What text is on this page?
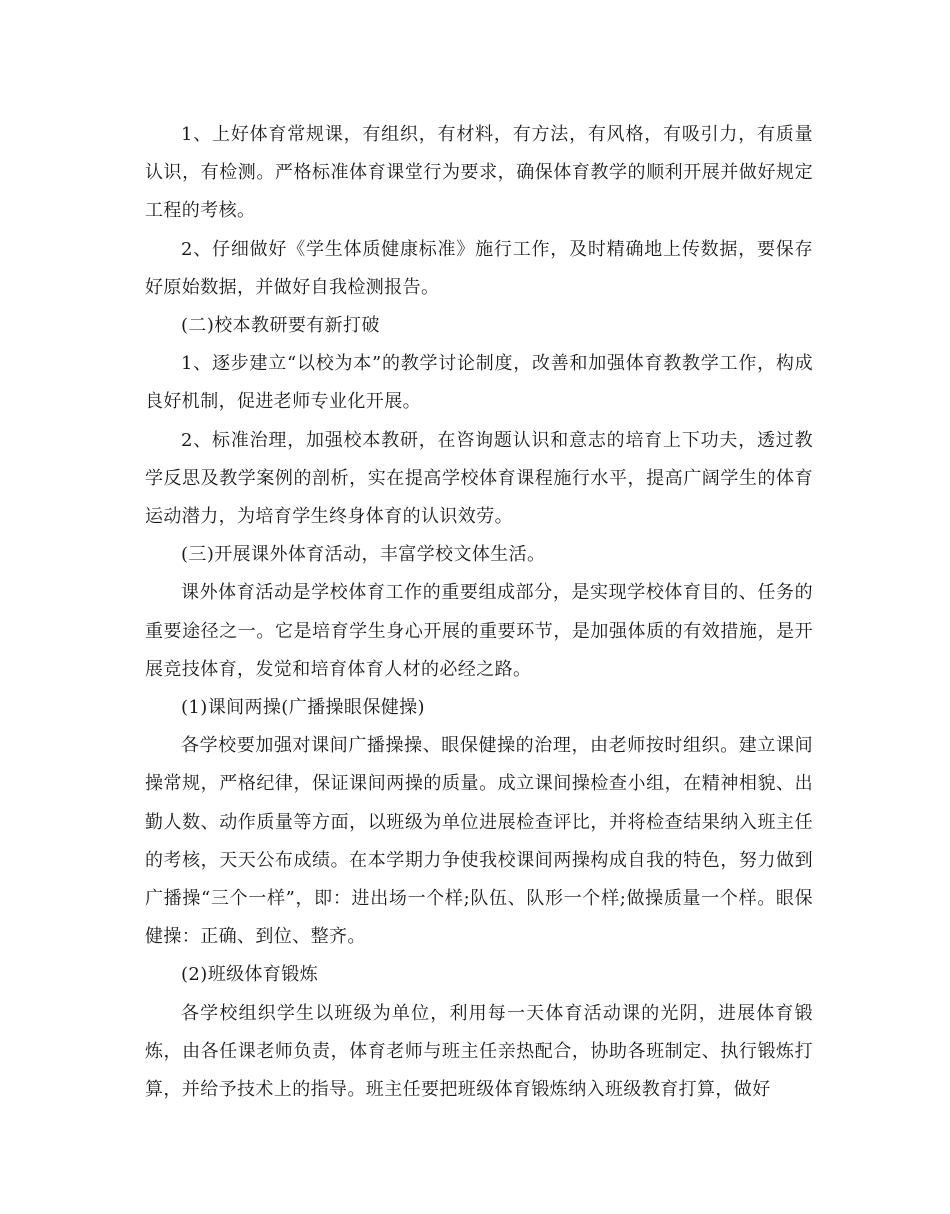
1、上好体育常规课，有组织，有材料，有方法，有风格，有吸引力，有质量认识，有检测。严格标准体育课堂行为要求，确保体育教学的顺利开展并做好规定工程的考核。

2、仔细做好《学生体质健康标准》施行工作，及时精确地上传数据，要保存好原始数据，并做好自我检测报告。

(二)校本教研要有新打破

1、逐步建立“以校为本”的教学讨论制度，改善和加强体育教教学工作，构成良好机制，促进老师专业化开展。

2、标准治理，加强校本教研，在咨询题认识和意志的培育上下功夫，透过教学反思及教学案例的剖析，实在提高学校体育课程施行水平，提高广阔学生的体育运动潜力，为培育学生终身体育的认识效劳。

(三)开展课外体育活动，丰富学校文体生活。

课外体育活动是学校体育工作的重要组成部分，是实现学校体育目的、任务的重要途径之一。它是培育学生身心开展的重要环节，是加强体质的有效措施，是开展竞技体育，发觉和培育体育人材的必经之路。

(1)课间两操(广播操眼保健操)

各学校要加强对课间广播操操、眼保健操的治理，由老师按时组织。建立课间操常规，严格纪律，保证课间两操的质量。成立课间操检查小组，在精神相貌、出勤人数、动作质量等方面，以班级为单位进展检查评比，并将检查结果纳入班主任的考核，天天公布成绩。在本学期力争使我校课间两操构成自我的特色，努力做到广播操“三个一样”，即：进出场一个样;队伍、队形一个样;做操质量一个样。眼保健操：正确、到位、整齐。

(2)班级体育锻炼

各学校组织学生以班级为单位，利用每一天体育活动课的光阴，进展体育锻炼，由各任课老师负责，体育老师与班主任亲热配合，协助各班制定、执行锻炼打算，并给予技术上的指导。班主任要把班级体育锻炼纳入班级教育打算，做好
